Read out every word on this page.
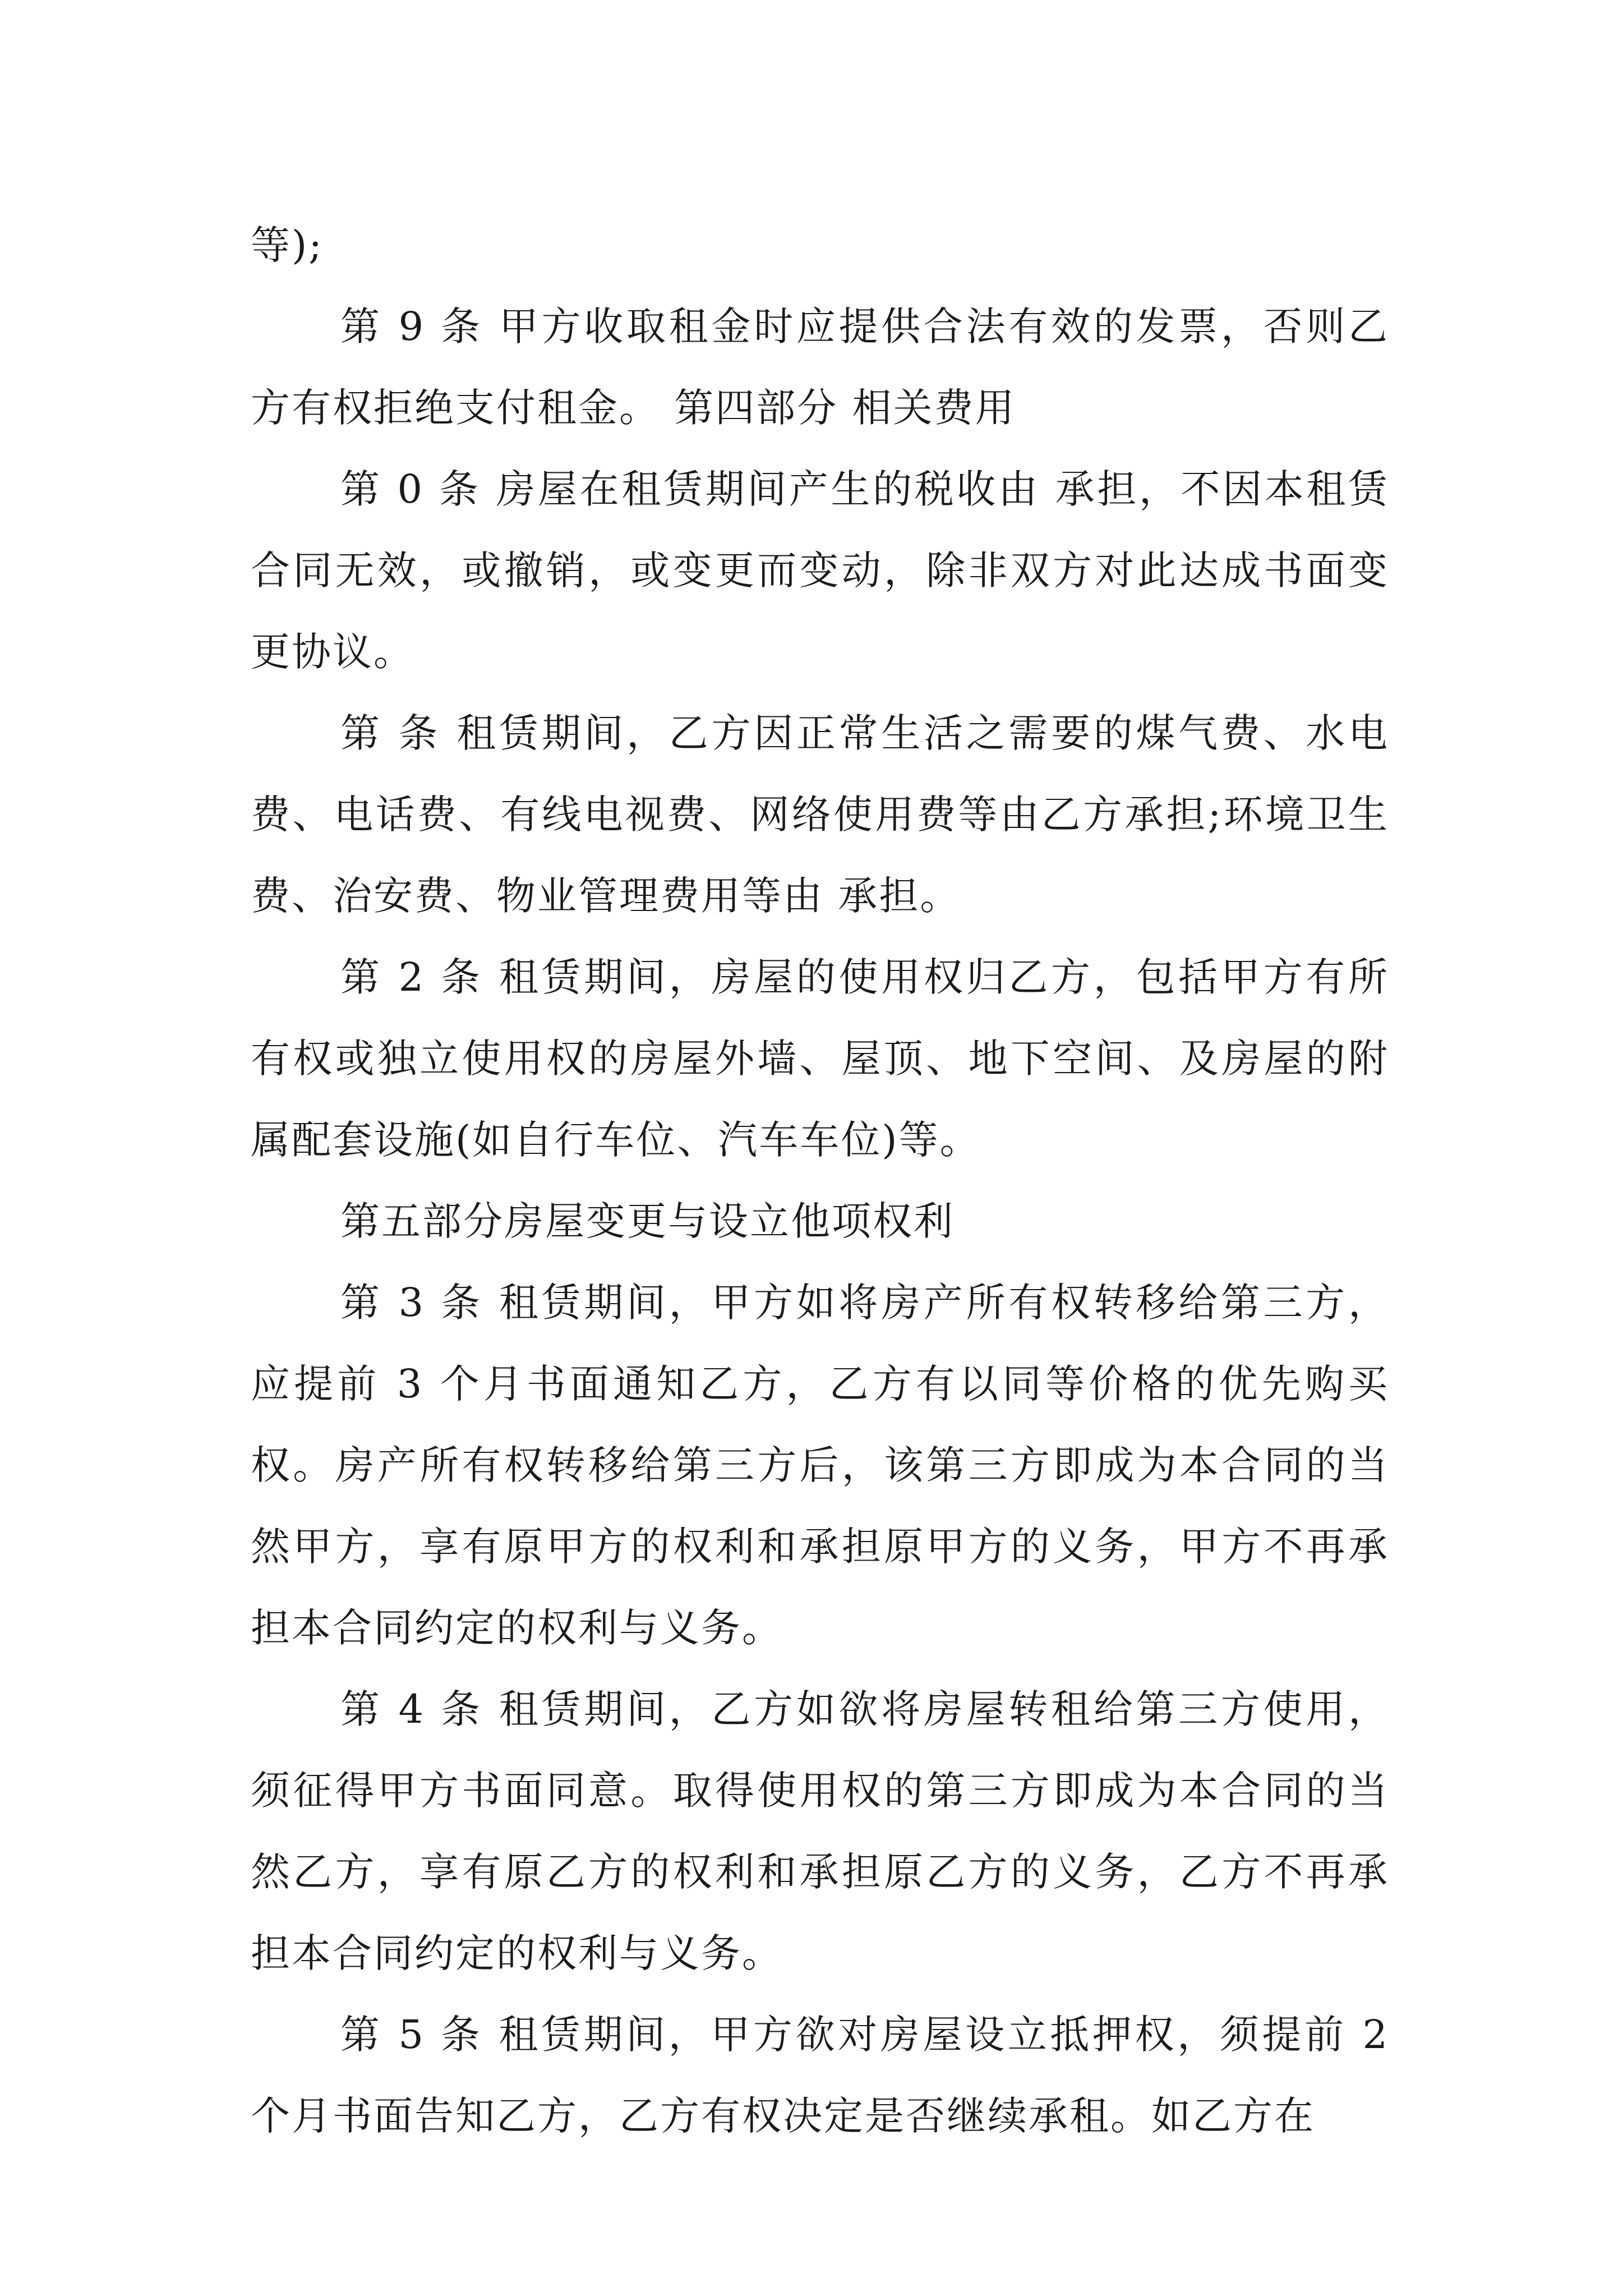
等);

第 9 条 甲方收取租金时应提供合法有效的发票，否则乙方有权拒绝支付租金。 第四部分 相关费用

第 0 条 房屋在租赁期间产生的税收由 承担，不因本租赁合同无效，或撤销，或变更而变动，除非双方对此达成书面变更协议。

第 条 租赁期间，乙方因正常生活之需要的煤气费、水电费、电话费、有线电视费、网络使用费等由乙方承担;环境卫生费、治安费、物业管理费用等由 承担。

第 2 条 租赁期间，房屋的使用权归乙方，包括甲方有所有权或独立使用权的房屋外墙、屋顶、地下空间、及房屋的附属配套设施(如自行车位、汽车车位)等。

第五部分房屋变更与设立他项权利

第 3 条 租赁期间，甲方如将房产所有权转移给第三方，应提前 3 个月书面通知乙方，乙方有以同等价格的优先购买权。房产所有权转移给第三方后，该第三方即成为本合同的当然甲方，享有原甲方的权利和承担原甲方的义务，甲方不再承担本合同约定的权利与义务。

第 4 条 租赁期间，乙方如欲将房屋转租给第三方使用，须征得甲方书面同意。取得使用权的第三方即成为本合同的当然乙方，享有原乙方的权利和承担原乙方的义务，乙方不再承担本合同约定的权利与义务。

第 5 条 租赁期间，甲方欲对房屋设立抵押权，须提前 2 个月书面告知乙方，乙方有权决定是否继续承租。如乙方在
